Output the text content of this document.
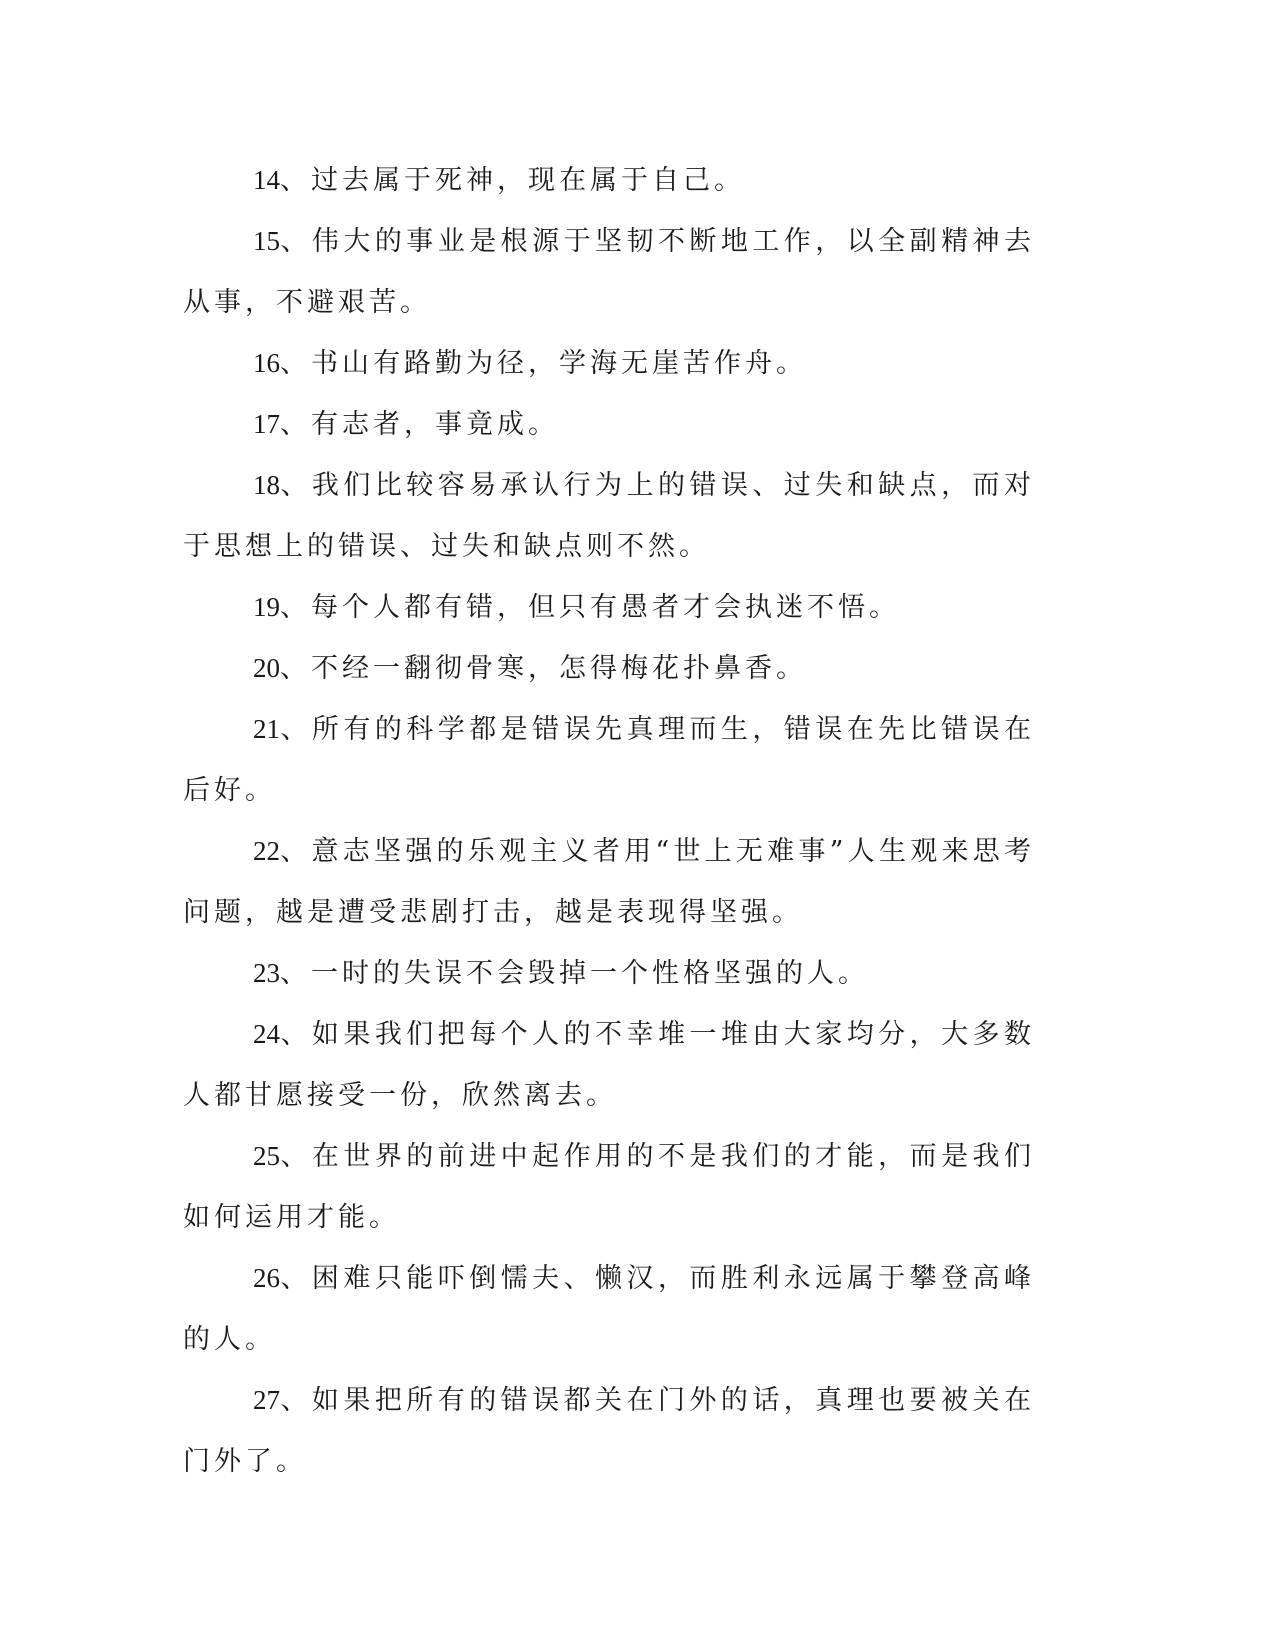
14、过去属于死神，现在属于自己。

15、伟大的事业是根源于坚韧不断地工作，以全副精神去从事，不避艰苦。

16、书山有路勤为径，学海无崖苦作舟。

17、有志者，事竟成。

18、我们比较容易承认行为上的错误、过失和缺点，而对于思想上的错误、过失和缺点则不然。

19、每个人都有错，但只有愚者才会执迷不悟。

20、不经一翻彻骨寒，怎得梅花扑鼻香。

21、所有的科学都是错误先真理而生，错误在先比错误在后好。

22、意志坚强的乐观主义者用“世上无难事”人生观来思考问题，越是遭受悲剧打击，越是表现得坚强。

23、一时的失误不会毁掉一个性格坚强的人。

24、如果我们把每个人的不幸堆一堆由大家均分，大多数人都甘愿接受一份，欣然离去。

25、在世界的前进中起作用的不是我们的才能，而是我们如何运用才能。

26、困难只能吓倒懦夫、懒汉，而胜利永远属于攀登高峰的人。

27、如果把所有的错误都关在门外的话，真理也要被关在门外了。
